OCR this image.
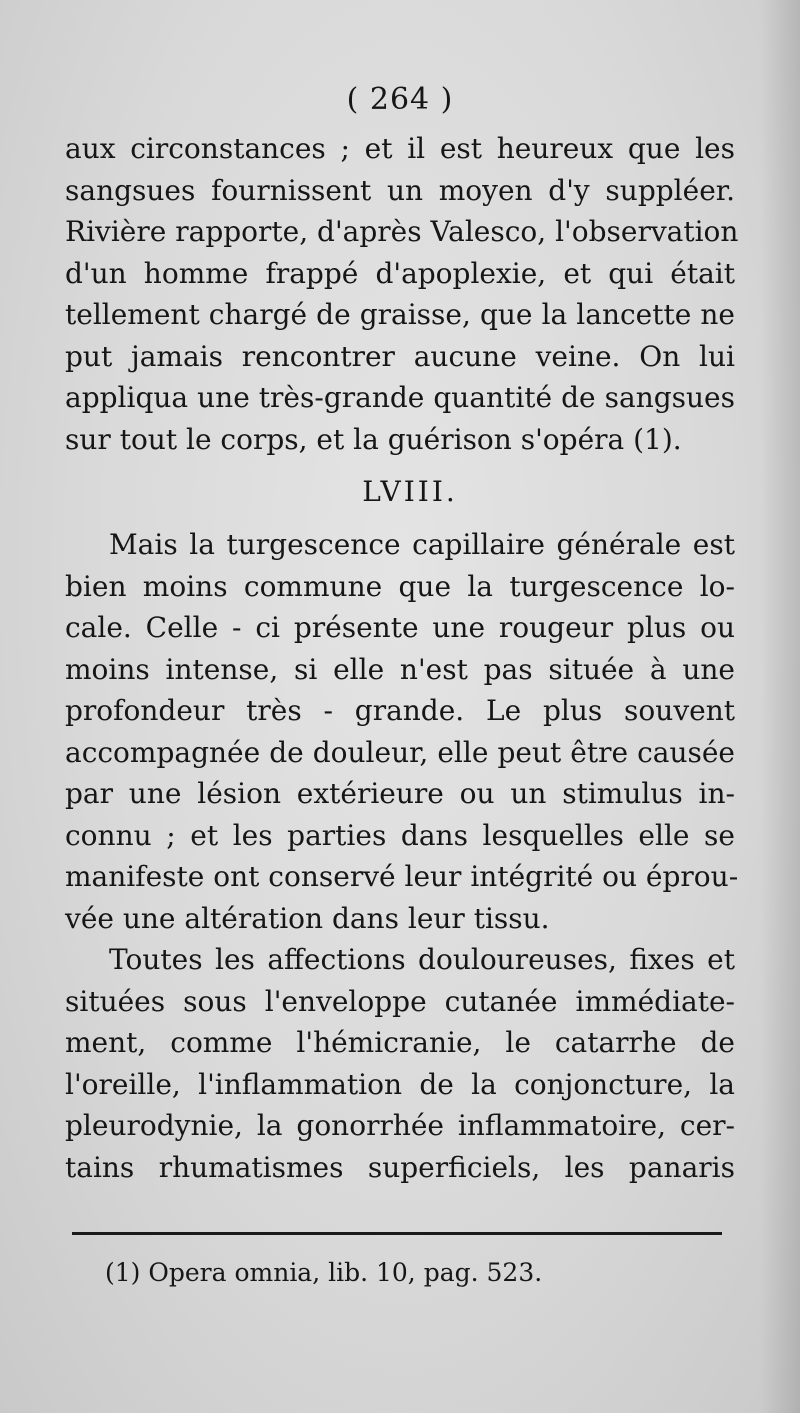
( 264 )
aux circonstances ; et il est heureux que les
sangsues fournissent un moyen d'y suppléer.
Rivière rapporte, d'après Valesco, l'observation
d'un homme frappé d'apoplexie, et qui était
tellement chargé de graisse, que la lancette ne
put jamais rencontrer aucune veine. On lui
appliqua une très-grande quantité de sangsues
sur tout le corps, et la guérison s'opéra (1).
LVIII.
Mais la turgescence capillaire générale est
bien moins commune que la turgescence lo-
cale. Celle - ci présente une rougeur plus ou
moins intense, si elle n'est pas située à une
profondeur très - grande. Le plus souvent
accompagnée de douleur, elle peut être causée
par une lésion extérieure ou un stimulus in-
connu ; et les parties dans lesquelles elle se
manifeste ont conservé leur intégrité ou éprou-
vée une altération dans leur tissu.
Toutes les affections douloureuses, fixes et
situées sous l'enveloppe cutanée immédiate-
ment, comme l'hémicranie, le catarrhe de
l'oreille, l'inflammation de la conjoncture, la
pleurodynie, la gonorrhée inflammatoire, cer-
tains rhumatismes superficiels, les panaris
(1) Opera omnia, lib. 10, pag. 523.
